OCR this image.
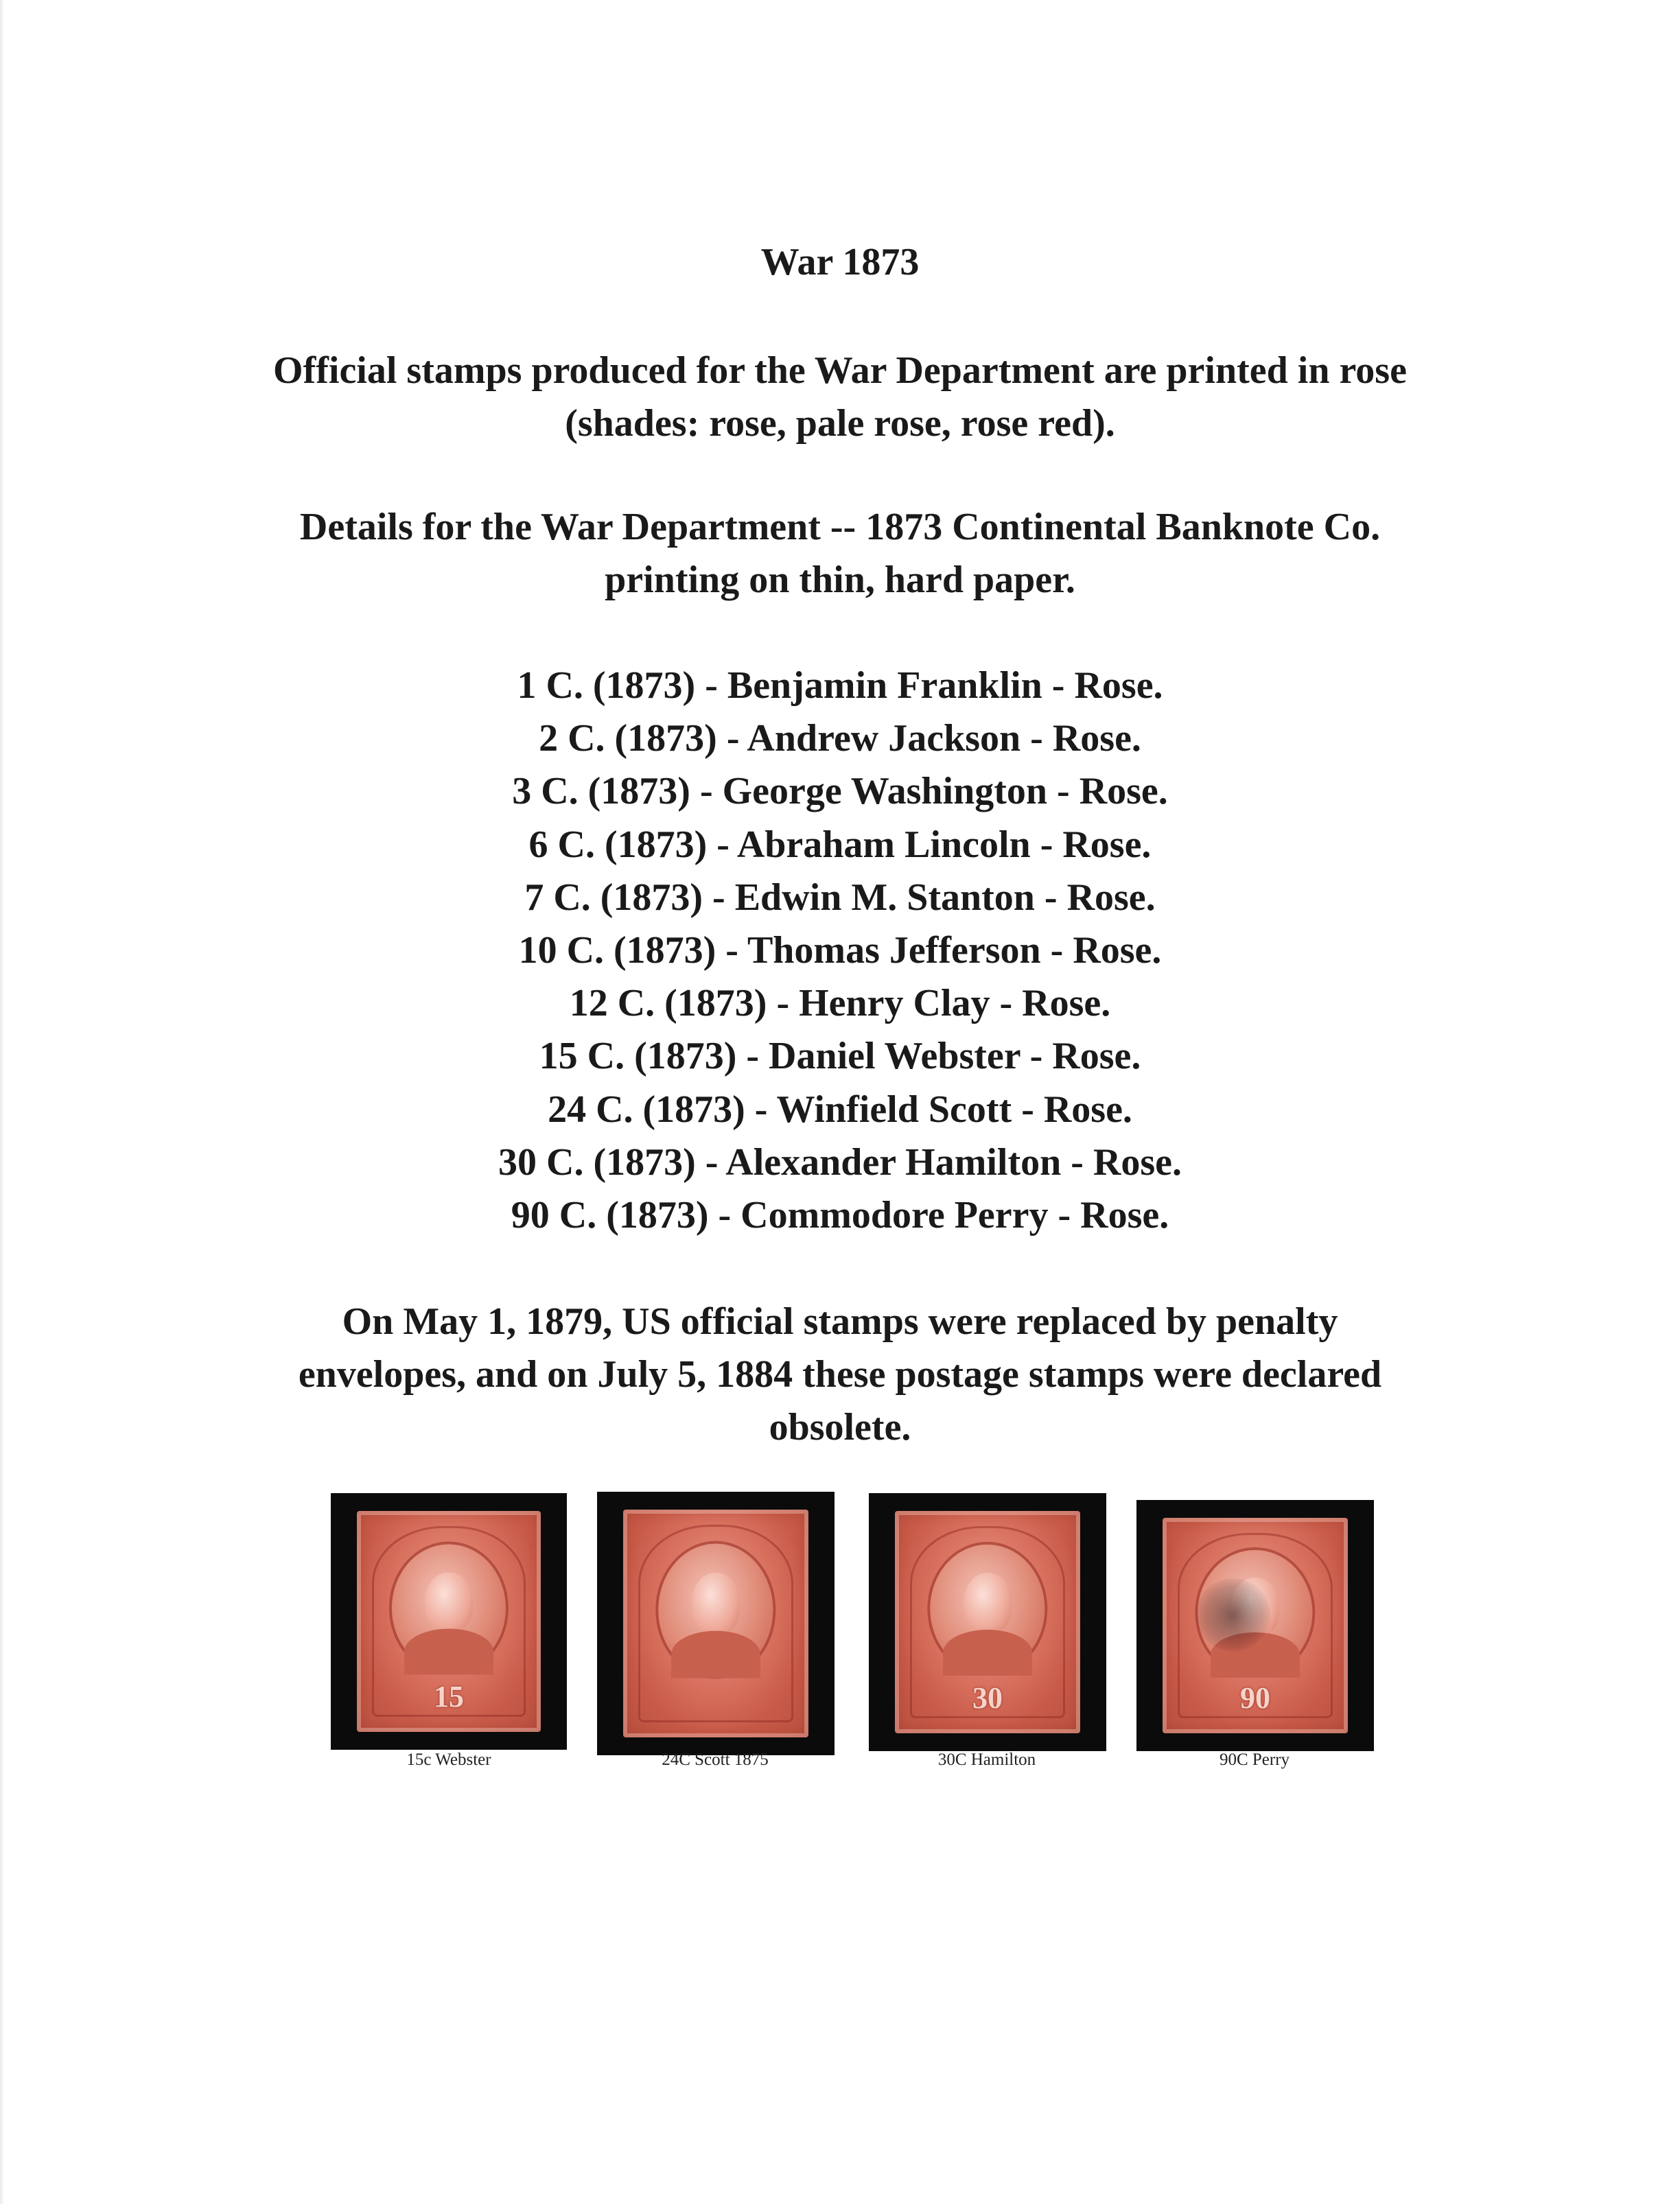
War 1873
Official stamps produced for the War Department are printed in rose
(shades: rose, pale rose, rose red).
Details for the War Department -- 1873 Continental Banknote Co.
printing on thin, hard paper.
1 C. (1873) - Benjamin Franklin - Rose.
2 C. (1873) - Andrew Jackson - Rose.
3 C. (1873) - George Washington - Rose.
6 C. (1873) - Abraham Lincoln - Rose.
7 C. (1873) - Edwin M. Stanton - Rose.
10 C. (1873) - Thomas Jefferson - Rose.
12 C. (1873) - Henry Clay - Rose.
15 C. (1873) - Daniel Webster - Rose.
24 C. (1873) - Winfield Scott - Rose.
30 C. (1873) - Alexander Hamilton - Rose.
90 C. (1873) - Commodore Perry - Rose.
On May 1, 1879, US official stamps were replaced by penalty
envelopes, and on July 5, 1884 these postage stamps were declared
obsolete.
15
15c Webster	24C Scott 1875
30
30C Hamilton
90
90C Perry
